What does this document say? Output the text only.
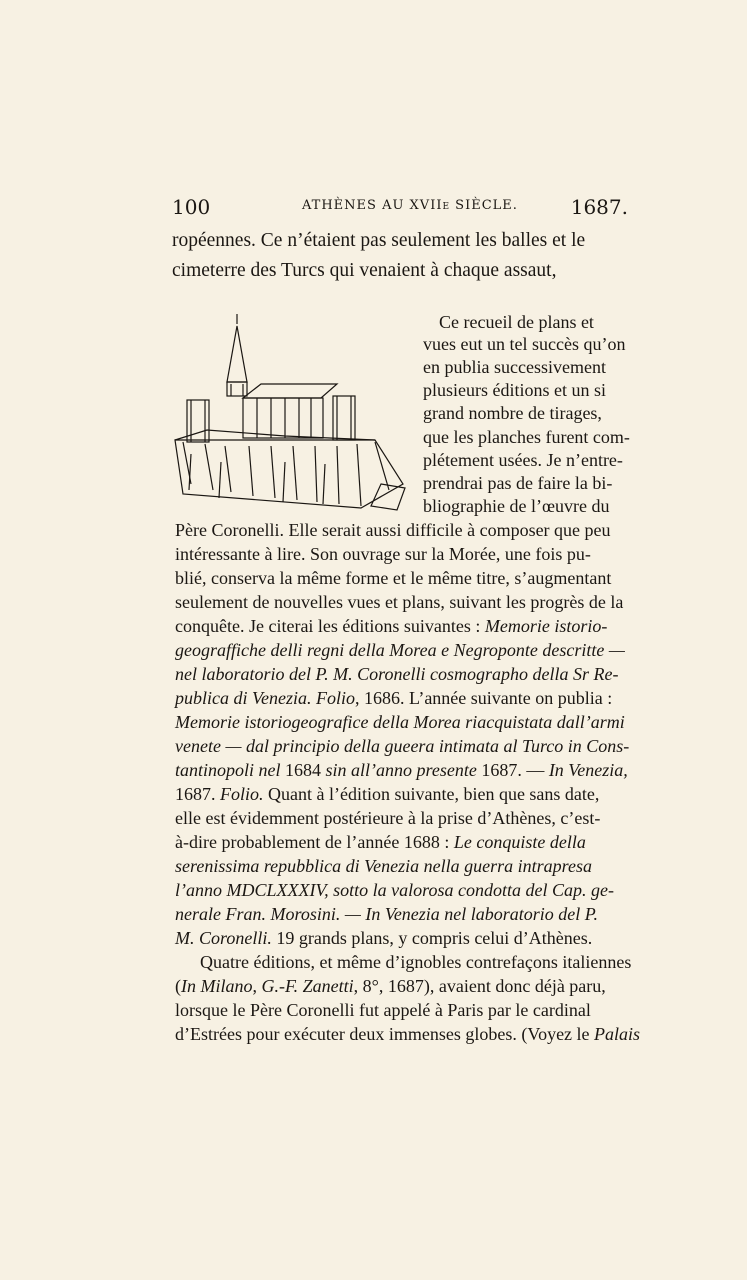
100	ATHÈNES AU XVIIe SIÈCLE.	1687.
ropéennes. Ce n’étaient pas seulement les balles et le
cimeterre des Turcs qui venaient à chaque assaut,
Ce recueil de plans et
vues eut un tel succès qu’on
en publia successivement
plusieurs éditions et un si
grand nombre de tirages,
que les planches furent com-
plétement usées. Je n’entre-
prendrai pas de faire la bi-
bliographie de l’œuvre du
Père Coronelli. Elle serait aussi difficile à composer que peu
intéressante à lire. Son ouvrage sur la Morée, une fois pu-
blié, conserva la même forme et le même titre, s’augmentant
seulement de nouvelles vues et plans, suivant les progrès de la
conquête. Je citerai les éditions suivantes : Memorie istorio-
geograffiche delli regni della Morea e Negroponte descritte —
nel laboratorio del P. M. Coronelli cosmographo della Sr Re-
publica di Venezia. Folio, 1686. L’année suivante on publia :
Memorie istoriogeografice della Morea riacquistata dall’armi
venete — dal principio della gueera intimata al Turco in Cons-
tantinopoli nel 1684 sin all’anno presente 1687. — In Venezia,
1687. Folio. Quant à l’édition suivante, bien que sans date,
elle est évidemment postérieure à la prise d’Athènes, c’est-
à-dire probablement de l’année 1688 : Le conquiste della
serenissima repubblica di Venezia nella guerra intrapresa
l’anno MDCLXXXIV, sotto la valorosa condotta del Cap. ge-
nerale Fran. Morosini. — In Venezia nel laboratorio del P.
M. Coronelli. 19 grands plans, y compris celui d’Athènes.
Quatre éditions, et même d’ignobles contrefaçons italiennes
(In Milano, G.-F. Zanetti, 8°, 1687), avaient donc déjà paru,
lorsque le Père Coronelli fut appelé à Paris par le cardinal
d’Estrées pour exécuter deux immenses globes. (Voyez le Palais
